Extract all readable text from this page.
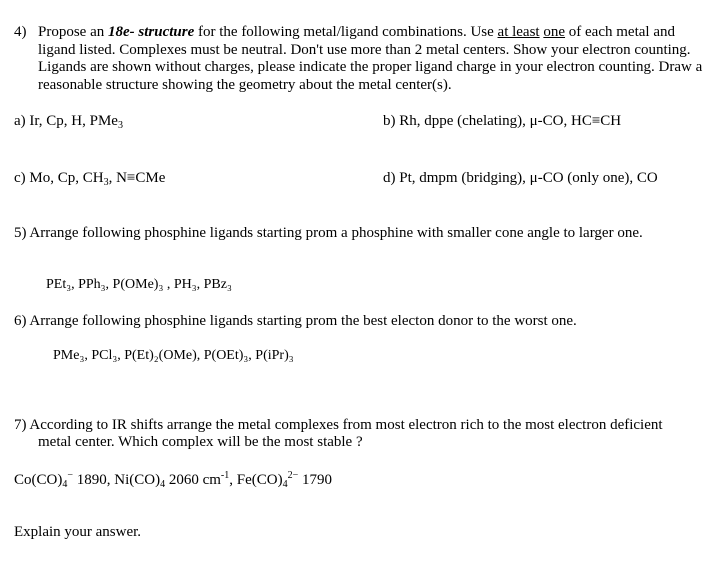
4) Propose an 18e- structure for the following metal/ligand combinations. Use at least one of each metal and ligand listed. Complexes must be neutral. Don't use more than 2 metal centers. Show your electron counting. Ligands are shown without charges, please indicate the proper ligand charge in your electron counting. Draw a reasonable structure showing the geometry about the metal center(s).
a) Ir, Cp, H, PMe$_3$	b) Rh, dppe (chelating), μ-CO, HC≡CH
c) Mo, Cp, $CH_3$, N≡CMe	d) Pt, dmpm (bridging), μ-CO (only one), CO
5) Arrange following phosphine ligands starting prom a phosphine with smaller cone angle to larger one.
PEt₃, PPh₃, P(OMe)₃ , PH₃, PBz₃
6) Arrange following phosphine ligands starting prom the best electon donor to the worst one.
PMe₃, PCl₃, P(Et)₂(OMe), P(OEt)₃, P(iPr)₃
7) According to IR shifts arrange the metal complexes from most electron rich to the most electron deficient
metal center. Which complex will be the most stable ?
$Co(CO)_4^-$ 1890, $Ni(CO)_4$ 2060 $cm^{-1}$, $Fe(CO)_4^{2-}$ 1790
Explain your answer.
